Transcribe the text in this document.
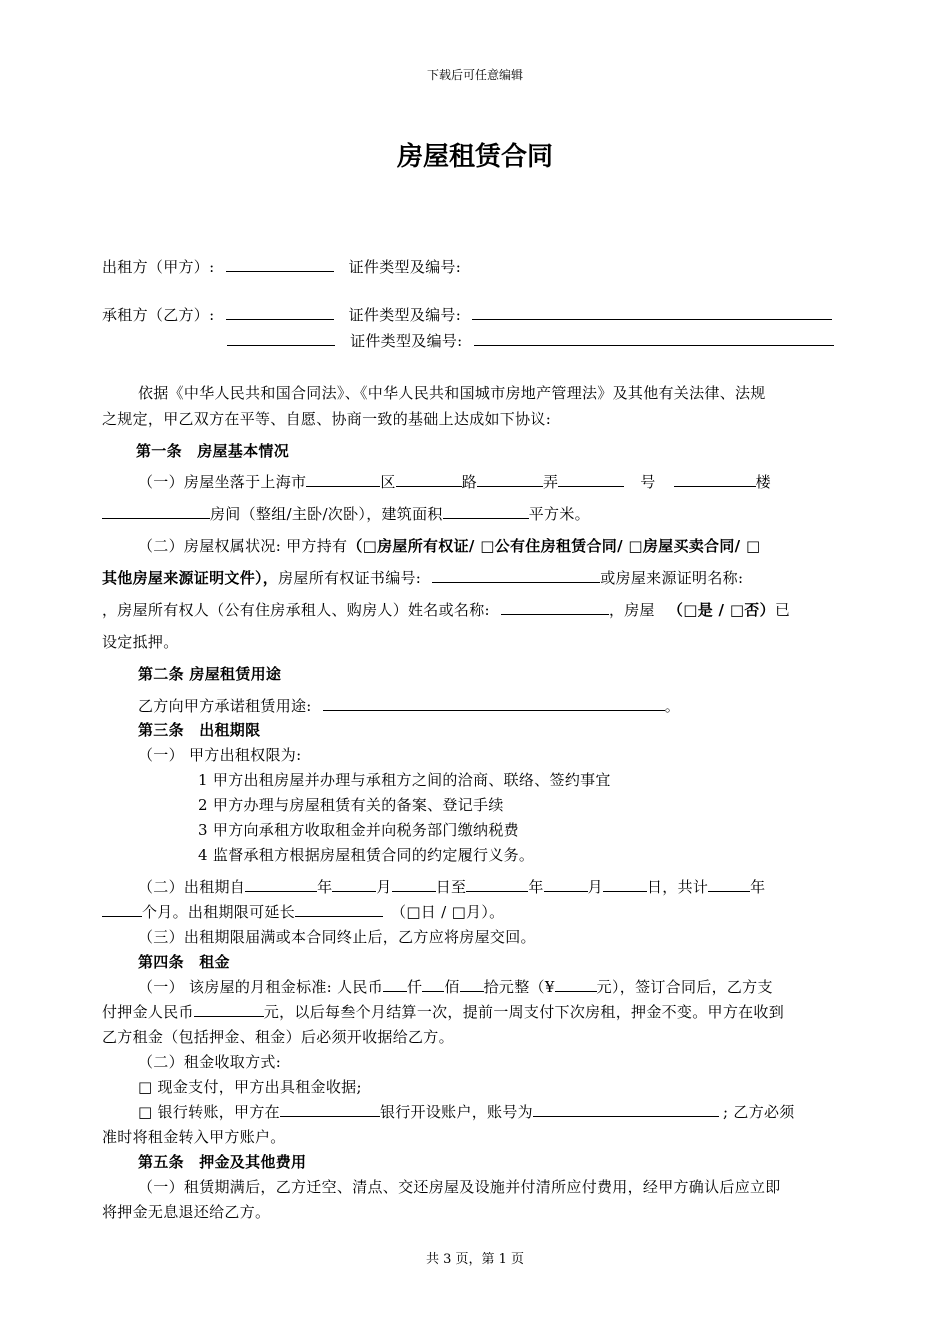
下载后可任意编辑
房屋租赁合同
出租方（甲方）:	证件类型及编号:
承租方（乙方）:	证件类型及编号:
证件类型及编号:
依据《中华人民共和国合同法》、《中华人民共和国城市房地产管理法》及其他有关法律、法规
之规定，甲乙双方在平等、自愿、协商一致的基础上达成如下协议:
第一条　房屋基本情况
（一）房屋坐落于上海市	区	路	弄	号	楼
房间（整组/主卧/次卧），建筑面积	平方米。
（二）房屋权属状况: 甲方持有（□房屋所有权证/ □公有住房租赁合同/ □房屋买卖合同/ □
其他房屋来源证明文件），房屋所有权证书编号:	或房屋来源证明名称:
，房屋所有权人（公有住房承租人、购房人）姓名或名称:	，房屋 （□是 / □否）已
设定抵押。
第二条 房屋租赁用途
乙方向甲方承诺租赁用途:	。
第三条　出租期限
（一） 甲方出租权限为:
1 甲方出租房屋并办理与承租方之间的洽商、联络、签约事宜
2 甲方办理与房屋租赁有关的备案、登记手续
3 甲方向承租方收取租金并向税务部门缴纳税费
4 监督承租方根据房屋租赁合同的约定履行义务。
（二）出租期自	年	月	日至	年	月	日，共计	年
个月。出租期限可延长	（□日 / □月）。
（三）出租期限届满或本合同终止后，乙方应将房屋交回。
第四条　租金
（一） 该房屋的月租金标准: 人民币 仟 佰 拾元整（¥	元），签订合同后，乙方支
付押金人民币	元，以后每叁个月结算一次，提前一周支付下次房租，押金不变。甲方在收到
乙方租金（包括押金、租金）后必须开收据给乙方。
（二）租金收取方式:
□ 现金支付，甲方出具租金收据;
□ 银行转账，甲方在	银行开设账户，账号为	; 乙方必须
准时将租金转入甲方账户。
第五条　押金及其他费用
（一）租赁期满后，乙方迁空、清点、交还房屋及设施并付清所应付费用，经甲方确认后应立即
将押金无息退还给乙方。
共 3 页，第 1 页
